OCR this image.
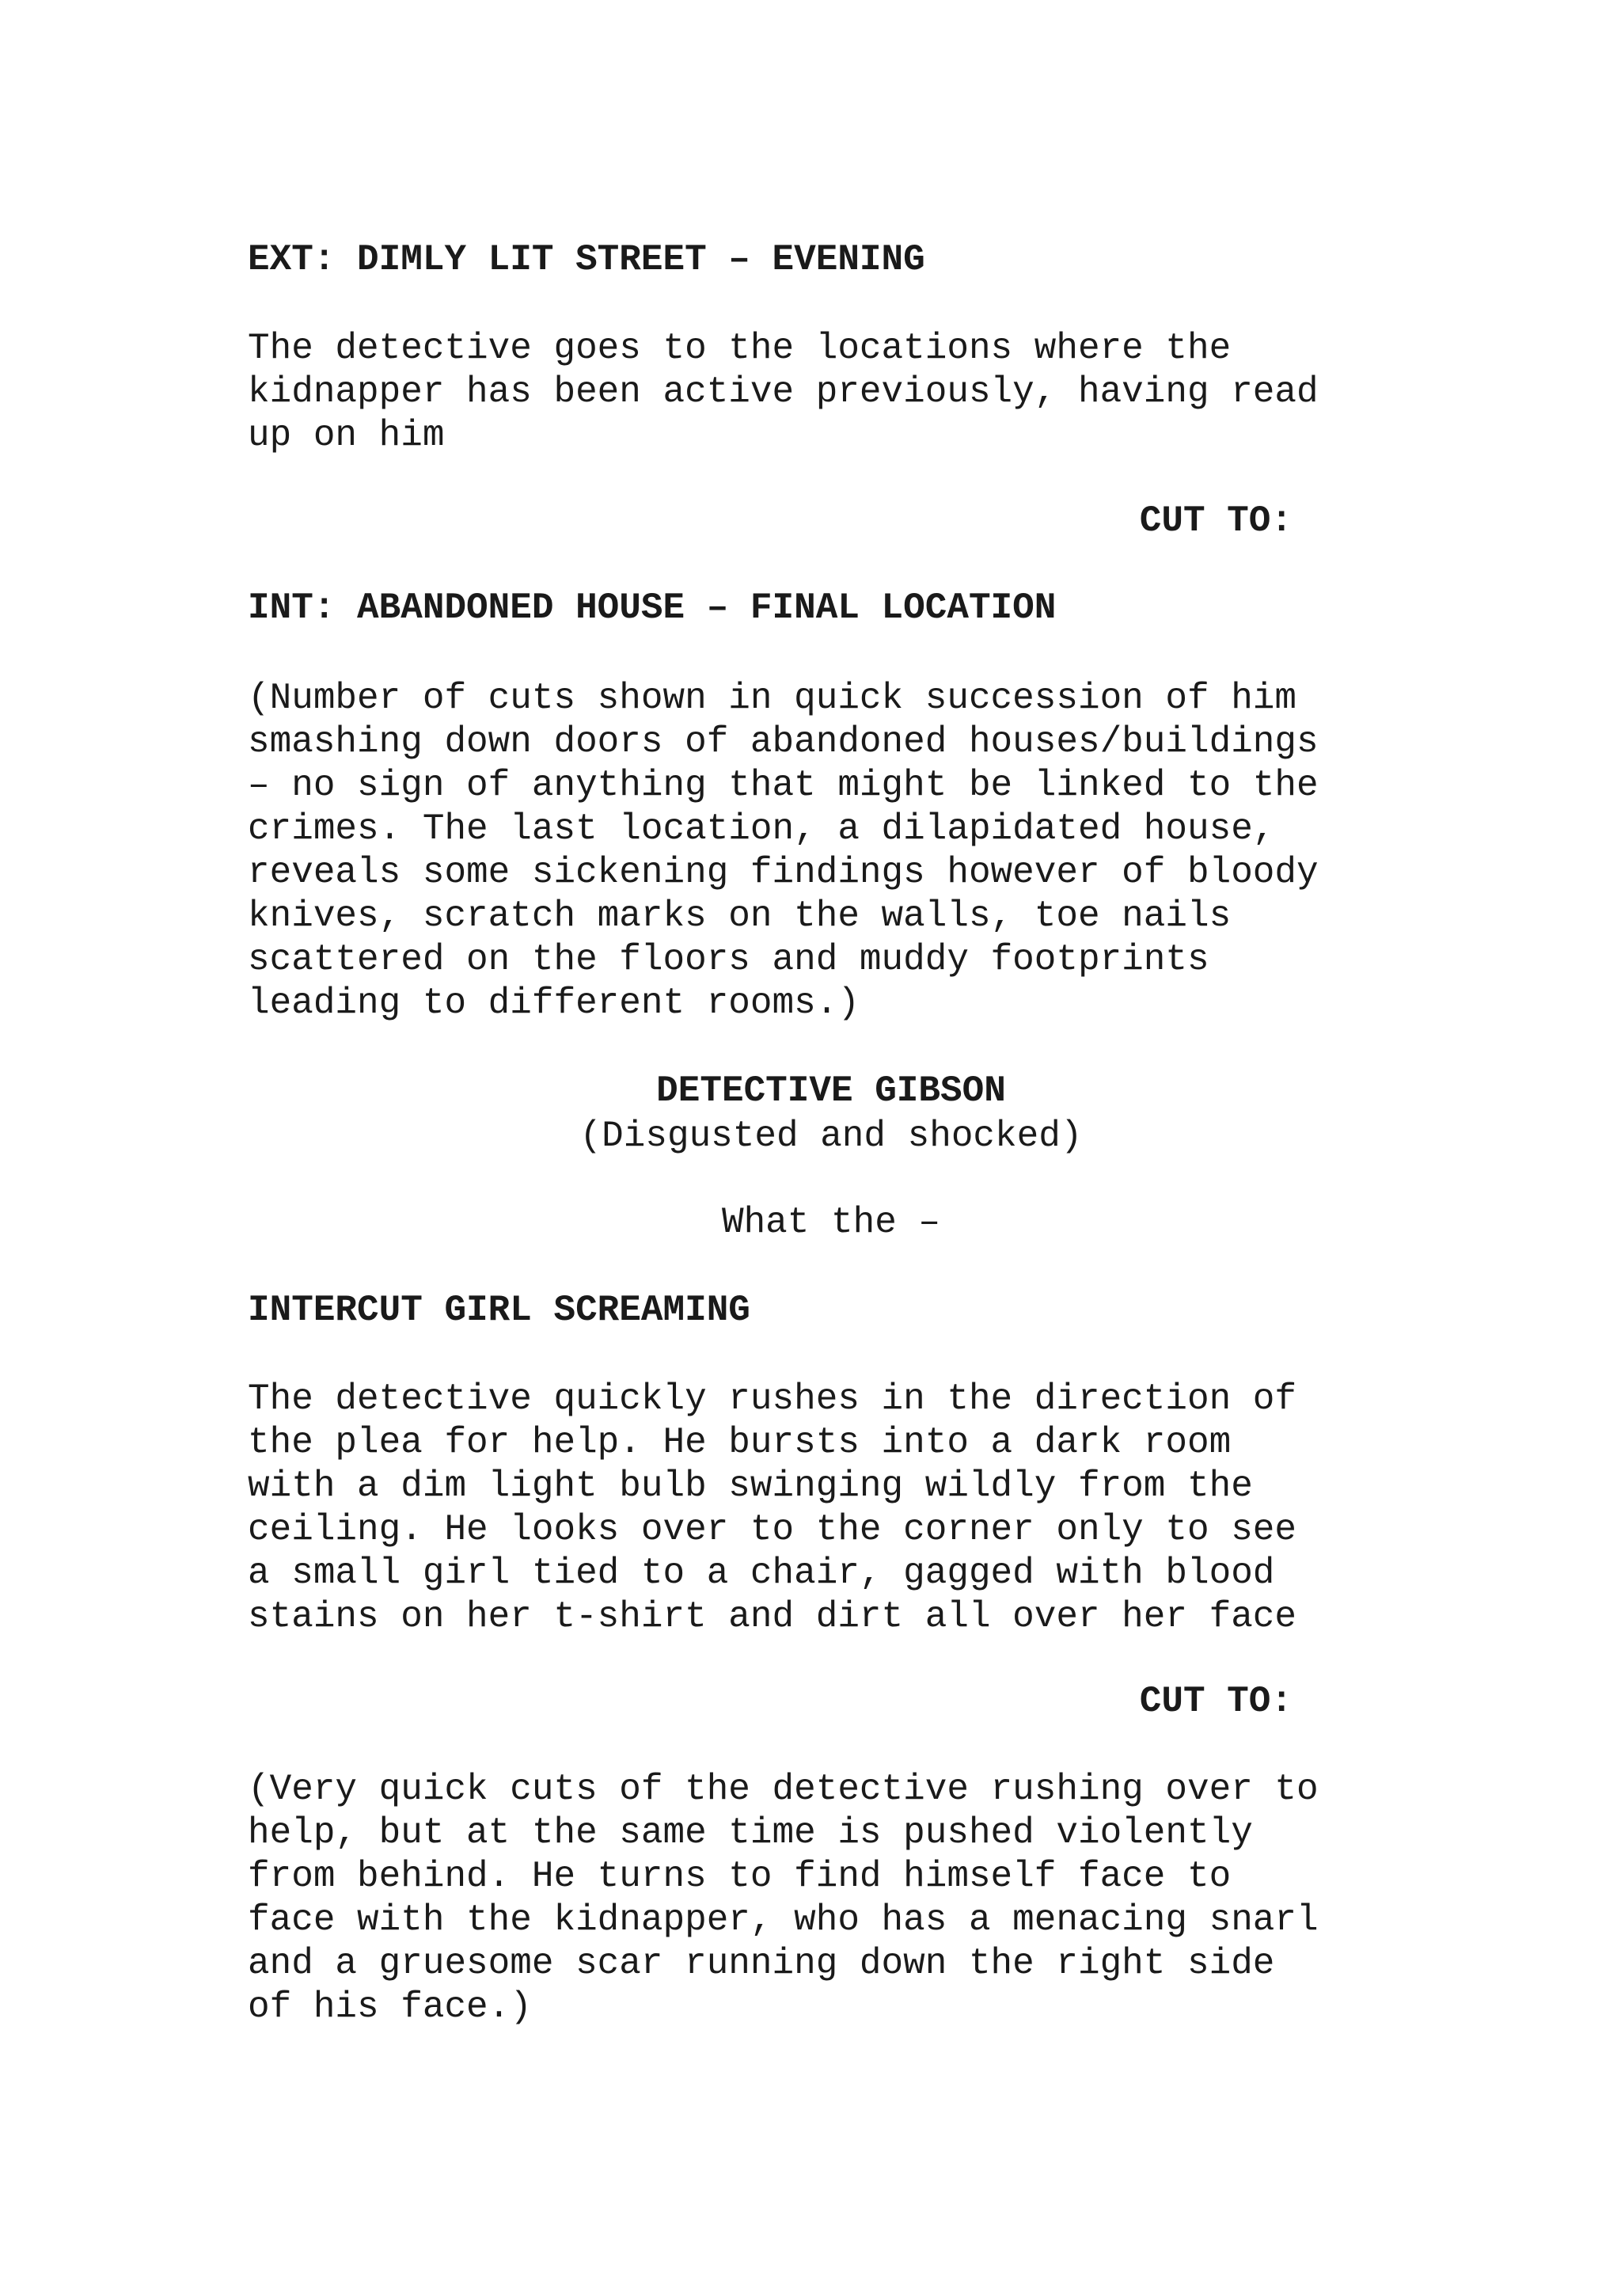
EXT: DIMLY LIT STREET – EVENING

The detective goes to the locations where the
kidnapper has been active previously, having read
up on him

CUT TO:

INT: ABANDONED HOUSE – FINAL LOCATION

(Number of cuts shown in quick succession of him
smashing down doors of abandoned houses/buildings
– no sign of anything that might be linked to the
crimes. The last location, a dilapidated house,
reveals some sickening findings however of bloody
knives, scratch marks on the walls, toe nails
scattered on the floors and muddy footprints
leading to different rooms.)

DETECTIVE GIBSON

(Disgusted and shocked)

What the –

INTERCUT GIRL SCREAMING

The detective quickly rushes in the direction of
the plea for help. He bursts into a dark room
with a dim light bulb swinging wildly from the
ceiling. He looks over to the corner only to see
a small girl tied to a chair, gagged with blood
stains on her t-shirt and dirt all over her face

CUT TO:

(Very quick cuts of the detective rushing over to
help, but at the same time is pushed violently
from behind. He turns to find himself face to
face with the kidnapper, who has a menacing snarl
and a gruesome scar running down the right side
of his face.)
